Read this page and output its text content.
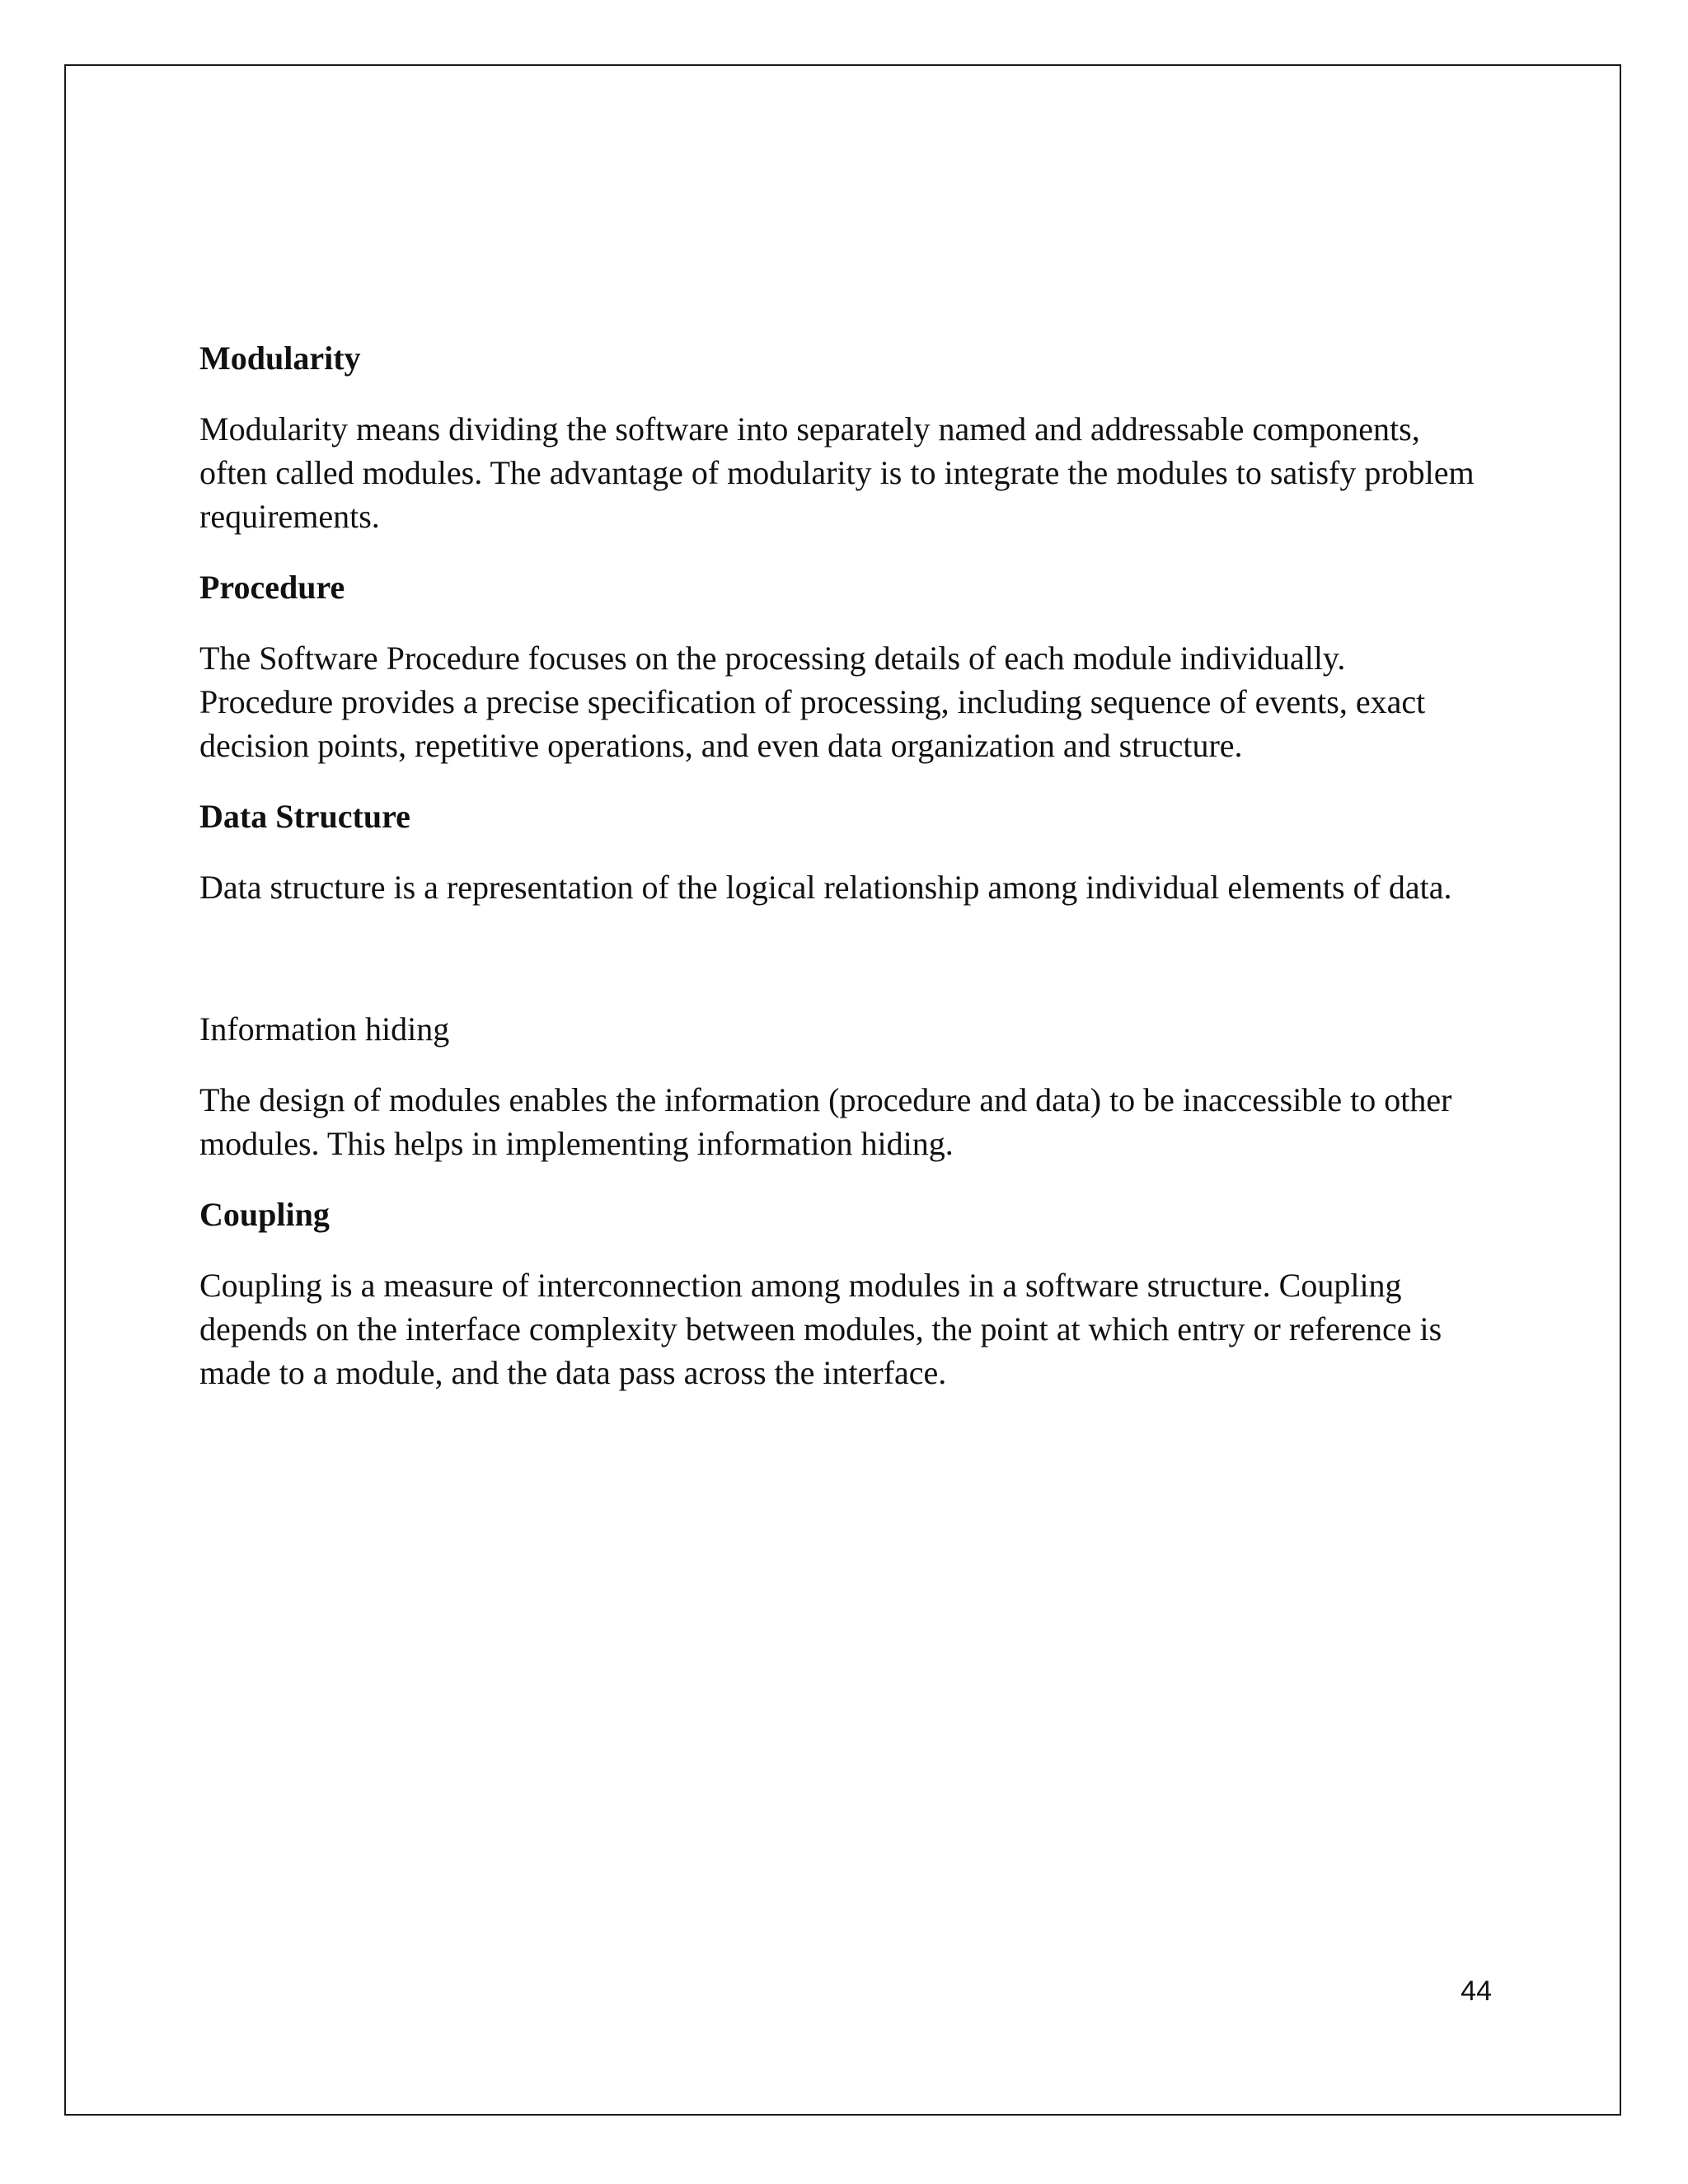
Modularity
Modularity means dividing the software into separately named and addressable components,
often called modules. The advantage of modularity is to integrate the modules to satisfy problem
requirements.
Procedure
The Software Procedure focuses on the processing details of each module individually.
Procedure provides a precise specification of processing, including sequence of events, exact
decision points, repetitive operations, and even data organization and structure.
Data Structure
Data structure is a representation of the logical relationship among individual elements of data.
Information hiding
The design of modules enables the information (procedure and data) to be inaccessible to other
modules. This helps in implementing information hiding.
Coupling
Coupling is a measure of interconnection among modules in a software structure. Coupling
depends on the interface complexity between modules, the point at which entry or reference is
made to a module, and the data pass across the interface.
44
